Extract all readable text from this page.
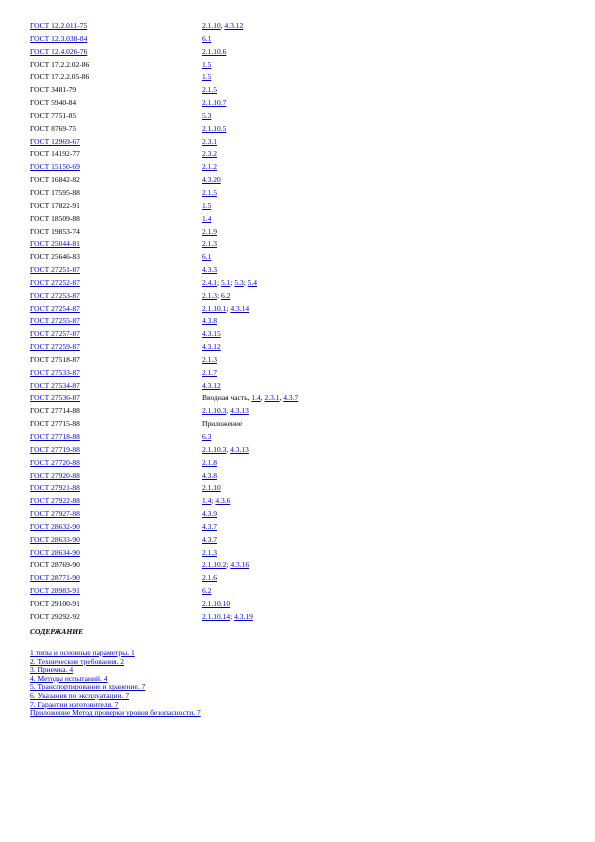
ГОСТ 12.2.011-75	2.1.10, 4.3.12
ГОСТ 12.3.038-84	6.1
ГОСТ 12.4.026-76	2.1.10.6
ГОСТ 17.2.2.02-86	1.5
ГОСТ 17.2.2.05-86	1.5
ГОСТ 3481-79	2.1.5
ГОСТ 5940-84	2.1.10.7
ГОСТ 7751-85	5.3
ГОСТ 8769-75	2.1.10.5
ГОСТ 12969-67	2.3.1
ГОСТ 14192-77	2.3.2
ГОСТ 15150-69	2.1.2
ГОСТ 16842-82	4.3.20
ГОСТ 17595-88	2.1.5
ГОСТ 17822-91	1.5
ГОСТ 18509-88	1.4
ГОСТ 19853-74	2.1.9
ГОСТ 25044-81	2.1.3
ГОСТ 25646-83	6.1
ГОСТ 27251-87	4.3.3
ГОСТ 27252-87	2.4.1; 5.1; 5.3; 5.4
ГОСТ 27253-87	2.1.3; 6.2
ГОСТ 27254-87	2.1.10.1; 4.3.14
ГОСТ 27255-87	4.3.8
ГОСТ 27257-87	4.3.15
ГОСТ 27259-87	4.3.12
ГОСТ 27518-87	2.1.3
ГОСТ 27533-87	2.1.7
ГОСТ 27534-87	4.3.12
ГОСТ 27536-87	Вводная часть, 1.4, 2.3.1, 4.3.7
ГОСТ 27714-88	2.1.10.3, 4.3.13
ГОСТ 27715-88	Приложение
ГОСТ 27718-88	6.3
ГОСТ 27719-88	2.1.10.3, 4.3.13
ГОСТ 27720-88	2.1.8
ГОСТ 27920-88	4.3.8
ГОСТ 27921-88	2.1.10
ГОСТ 27922-88	1.4; 4.3.6
ГОСТ 27927-88	4.3.9
ГОСТ 28632-90	4.3.7
ГОСТ 28633-90	4.3.7
ГОСТ 28634-90	2.1.3
ГОСТ 28769-90	2.1.10.2; 4.3.16
ГОСТ 28771-90	2.1.6
ГОСТ 28983-91	6.2
ГОСТ 29100-91	2.1.10.10
ГОСТ 29292-92	2.1.10.14; 4.3.19
СОДЕРЖАНИЕ
1 типы и основные параметры. 1
2. Технические требования. 2
3. Приемка. 4
4. Методы испытаний. 4
5. Транспортирование и хранение. 7
6. Указания по эксплуатации. 7
7. Гарантии изготовителя. 7
Приложение Метод проверки уровня безопасности. 7
